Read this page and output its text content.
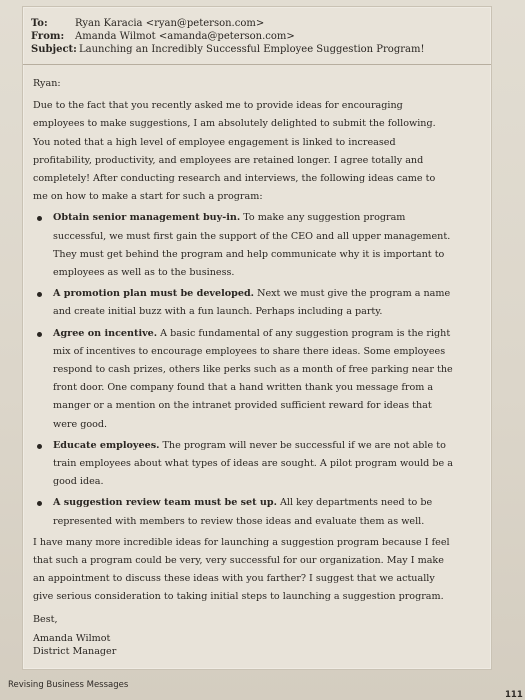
To:	Ryan Karacia <ryan@peterson.com>
From:	Amanda Wilmot <amanda@peterson.com>
Subject: Launching an Incredibly Successful Employee Suggestion Program!

Ryan:

Due to the fact that you recently asked me to provide ideas for encouraging employees to make suggestions, I am absolutely delighted to submit the following. You noted that a high level of employee engagement is linked to increased profitability, productivity, and employees are retained longer. I agree totally and completely! After conducting research and interviews, the following ideas came to me on how to make a start for such a program:

Obtain senior management buy-in. To make any suggestion program successful, we must first gain the support of the CEO and all upper management. They must get behind the program and help communicate why it is important to employees as well as to the business.
A promotion plan must be developed. Next we must give the program a name and create initial buzz with a fun launch. Perhaps including a party.
Agree on incentive. A basic fundamental of any suggestion program is the right mix of incentives to encourage employees to share there ideas. Some employees respond to cash prizes, others like perks such as a month of free parking near the front door. One company found that a hand written thank you message from a manger or a mention on the intranet provided sufficient reward for ideas that were good.
Educate employees. The program will never be successful if we are not able to train employees about what types of ideas are sought. A pilot program would be a good idea.
A suggestion review team must be set up. All key departments need to be represented with members to review those ideas and evaluate them as well.

I have many more incredible ideas for launching a suggestion program because I feel that such a program could be very, very successful for our organization. May I make an appointment to discuss these ideas with you farther? I suggest that we actually give serious consideration to taking initial steps to launching a suggestion program.

Best,
Amanda Wilmot
District Manager
Revising Business Messages
111
